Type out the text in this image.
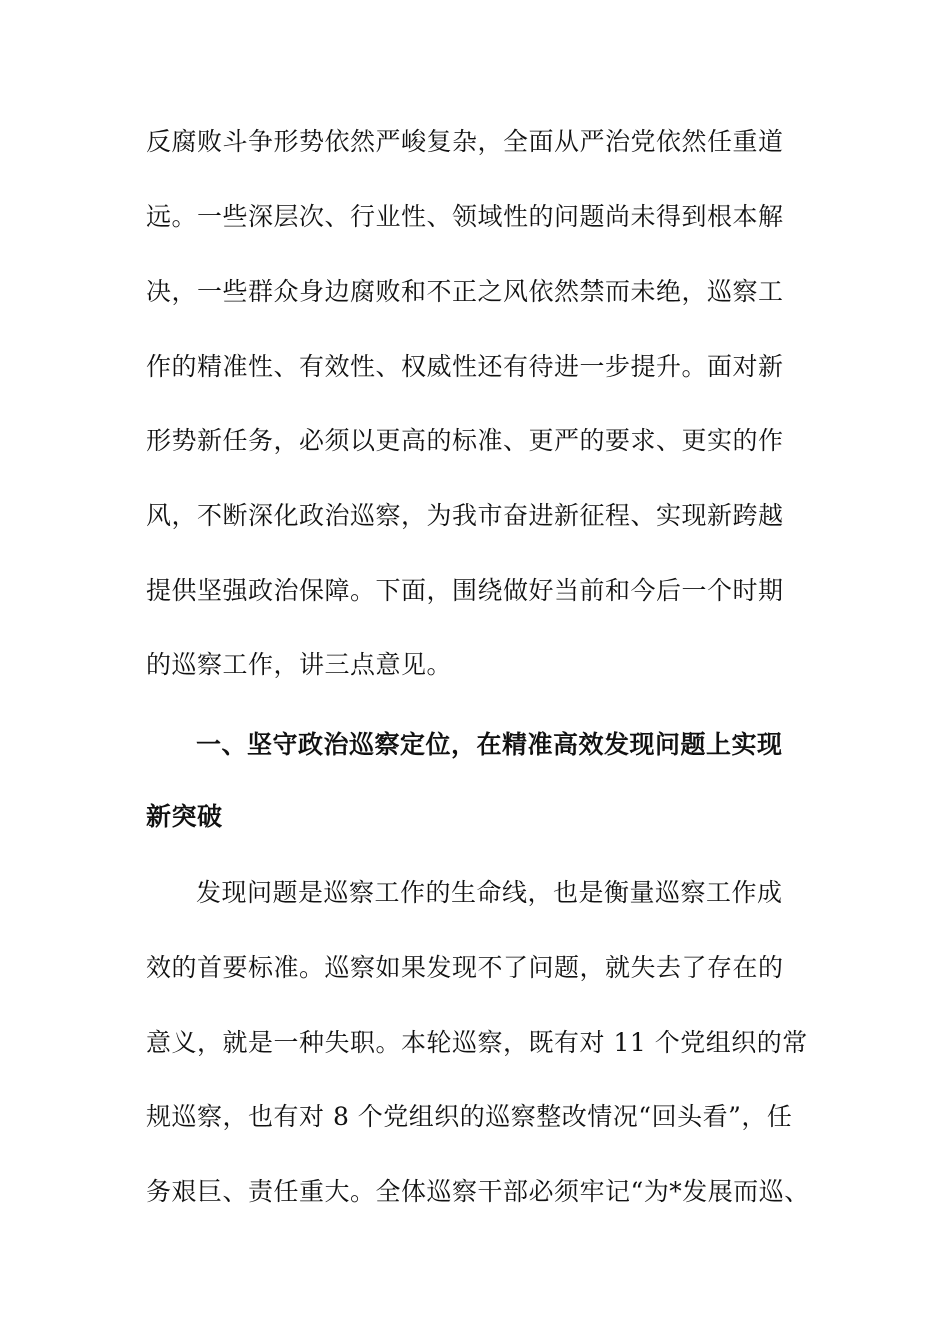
反腐败斗争形势依然严峻复杂，全面从严治党依然任重道
远。一些深层次、行业性、领域性的问题尚未得到根本解
决，一些群众身边腐败和不正之风依然禁而未绝，巡察工
作的精准性、有效性、权威性还有待进一步提升。面对新
形势新任务，必须以更高的标准、更严的要求、更实的作
风，不断深化政治巡察，为我市奋进新征程、实现新跨越
提供坚强政治保障。下面，围绕做好当前和今后一个时期
的巡察工作，讲三点意见。
一、坚守政治巡察定位，在精准高效发现问题上实现
新突破
发现问题是巡察工作的生命线，也是衡量巡察工作成
效的首要标准。巡察如果发现不了问题，就失去了存在的
意义，就是一种失职。本轮巡察，既有对 11 个党组织的常
规巡察，也有对 8 个党组织的巡察整改情况“回头看”，任
务艰巨、责任重大。全体巡察干部必须牢记“为*发展而巡、
